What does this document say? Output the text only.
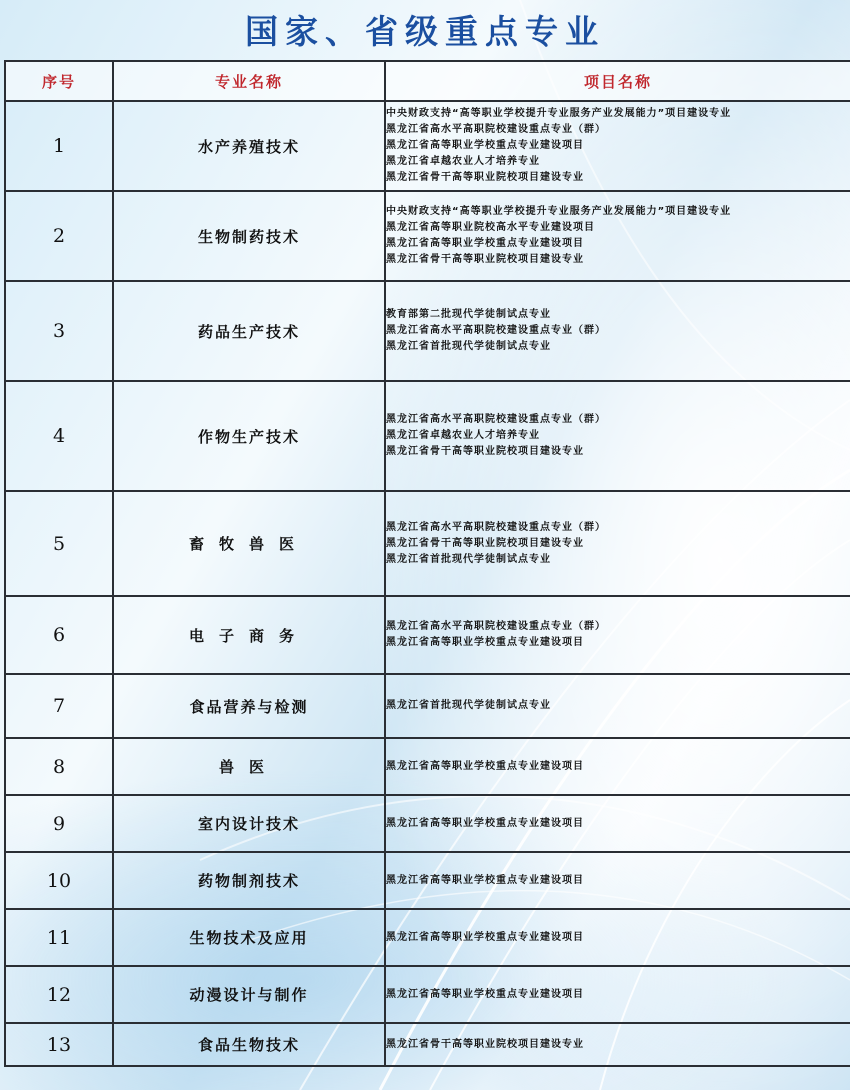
国家、省级重点专业
序号	专业名称	项目名称
1	水产养殖技术	中央财政支持“高等职业学校提升专业服务产业发展能力”项目建设专业
黑龙江省高水平高职院校建设重点专业（群）
黑龙江省高等职业学校重点专业建设项目
黑龙江省卓越农业人才培养专业
黑龙江省骨干高等职业院校项目建设专业

2	生物制药技术	中央财政支持“高等职业学校提升专业服务产业发展能力”项目建设专业
黑龙江省高等职业院校高水平专业建设项目
黑龙江省高等职业学校重点专业建设项目
黑龙江省骨干高等职业院校项目建设专业

3	药品生产技术	教育部第二批现代学徒制试点专业
黑龙江省高水平高职院校建设重点专业（群）
黑龙江省首批现代学徒制试点专业

4	作物生产技术	黑龙江省高水平高职院校建设重点专业（群）
黑龙江省卓越农业人才培养专业
黑龙江省骨干高等职业院校项目建设专业

5	畜牧兽医	黑龙江省高水平高职院校建设重点专业（群）
黑龙江省骨干高等职业院校项目建设专业
黑龙江省首批现代学徒制试点专业

6	电子商务	黑龙江省高水平高职院校建设重点专业（群）
黑龙江省高等职业学校重点专业建设项目

7	食品营养与检测	黑龙江省首批现代学徒制试点专业

8	兽医	黑龙江省高等职业学校重点专业建设项目

9	室内设计技术	黑龙江省高等职业学校重点专业建设项目

10	药物制剂技术	黑龙江省高等职业学校重点专业建设项目

11	生物技术及应用	黑龙江省高等职业学校重点专业建设项目

12	动漫设计与制作	黑龙江省高等职业学校重点专业建设项目

13	食品生物技术	黑龙江省骨干高等职业院校项目建设专业
